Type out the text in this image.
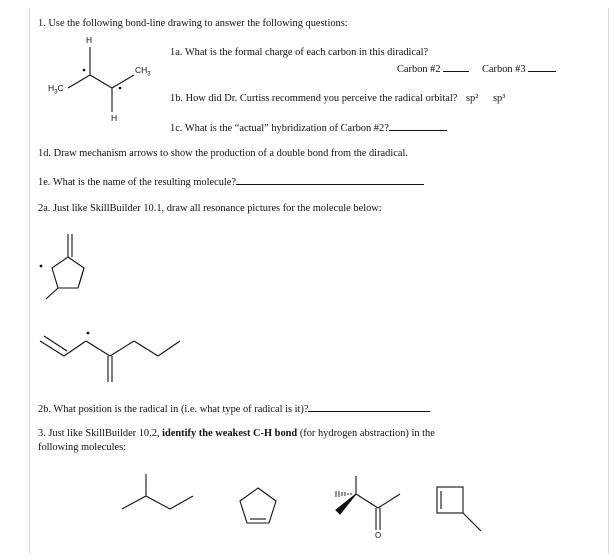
1. Use the following bond-line drawing to answer the following questions:
1a. What is the formal charge of each carbon in this diradical?
Carbon #2	Carbon #3
1b. How did Dr. Curtiss recommend you perceive the radical orbital? sp² sp³
1c. What is the “actual” hybridization of Carbon #2?
1d. Draw mechanism arrows to show the production of a double bond from the diradical.
1e. What is the name of the resulting molecule?
H
H
$CH_3$
$H_3C$
2a. Just like SkillBuilder 10.1, draw all resonance pictures for the molecule below:
2b. What position is the radical in (i.e. what type of radical is it)?
3. Just like SkillBuilder 10.2, identify the weakest C-H bond (for hydrogen abstraction) in the
following molecules:
O
